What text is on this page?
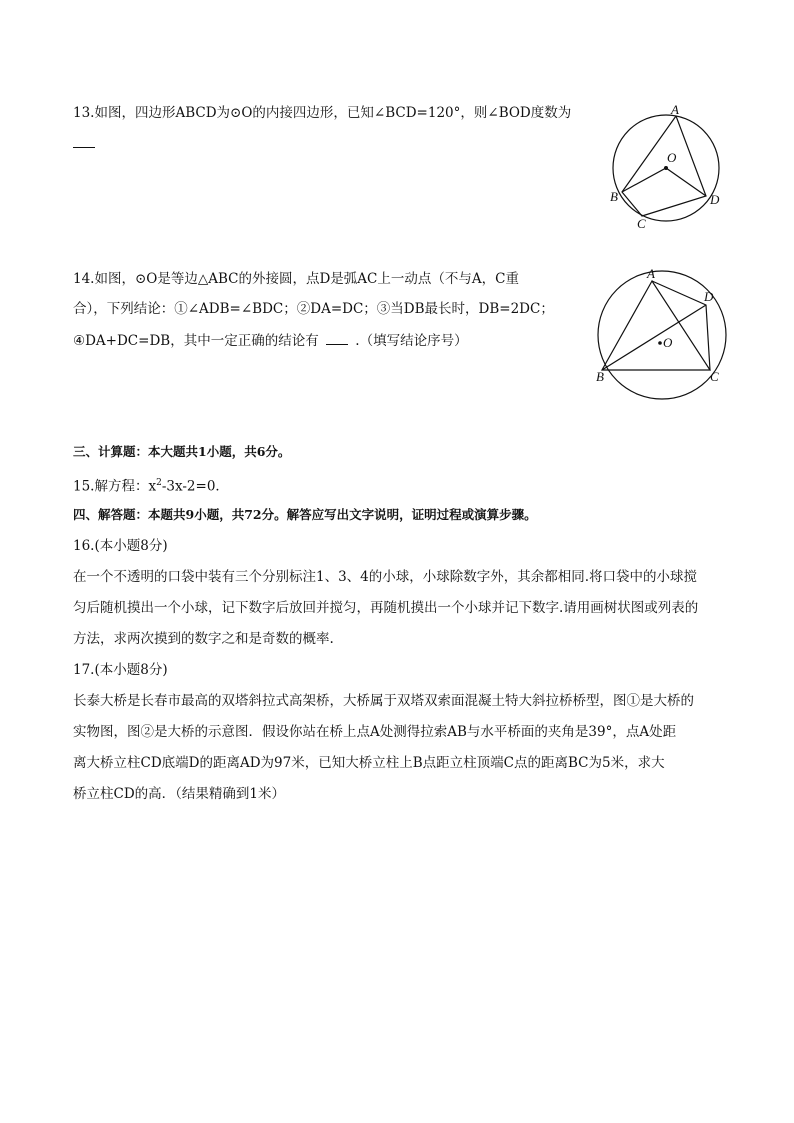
13.如图，四边形ABCD为⊙O的内接四边形，已知∠BCD=120°，则∠BOD度数为	A
O
B	D
C
14.如图，⊙O是等边△ABC的外接圆，点D是弧AC上一动点（不与A，C重
合），下列结论：①∠ADB=∠BDC；②DA=DC；③当DB最长时，DB=2DC；
④DA+DC=DB，其中一定正确的结论有	.（填写结论序号）
A
D
O
B	C
三、计算题：本大题共1小题，共6分。
15.解方程：$x^2-3x-2=0$．
四、解答题：本题共9小题，共72分。解答应写出文字说明，证明过程或演算步骤。
16.(本小题8分)
在一个不透明的口袋中装有三个分别标注1、3、4的小球，小球除数字外，其余都相同.将口袋中的小球搅
匀后随机摸出一个小球，记下数字后放回并搅匀，再随机摸出一个小球并记下数字.请用画树状图或列表的
方法，求两次摸到的数字之和是奇数的概率.
17.(本小题8分)
长泰大桥是长春市最高的双塔斜拉式高架桥，大桥属于双塔双索面混凝土特大斜拉桥桥型，图①是大桥的
实物图，图②是大桥的示意图．假设你站在桥上点A处测得拉索AB与水平桥面的夹角是39°，点A处距
离大桥立柱CD底端D的距离AD为97米，已知大桥立柱上B点距立柱顶端C点的距离BC为5米，求大
桥立柱CD的高．（结果精确到1米）
